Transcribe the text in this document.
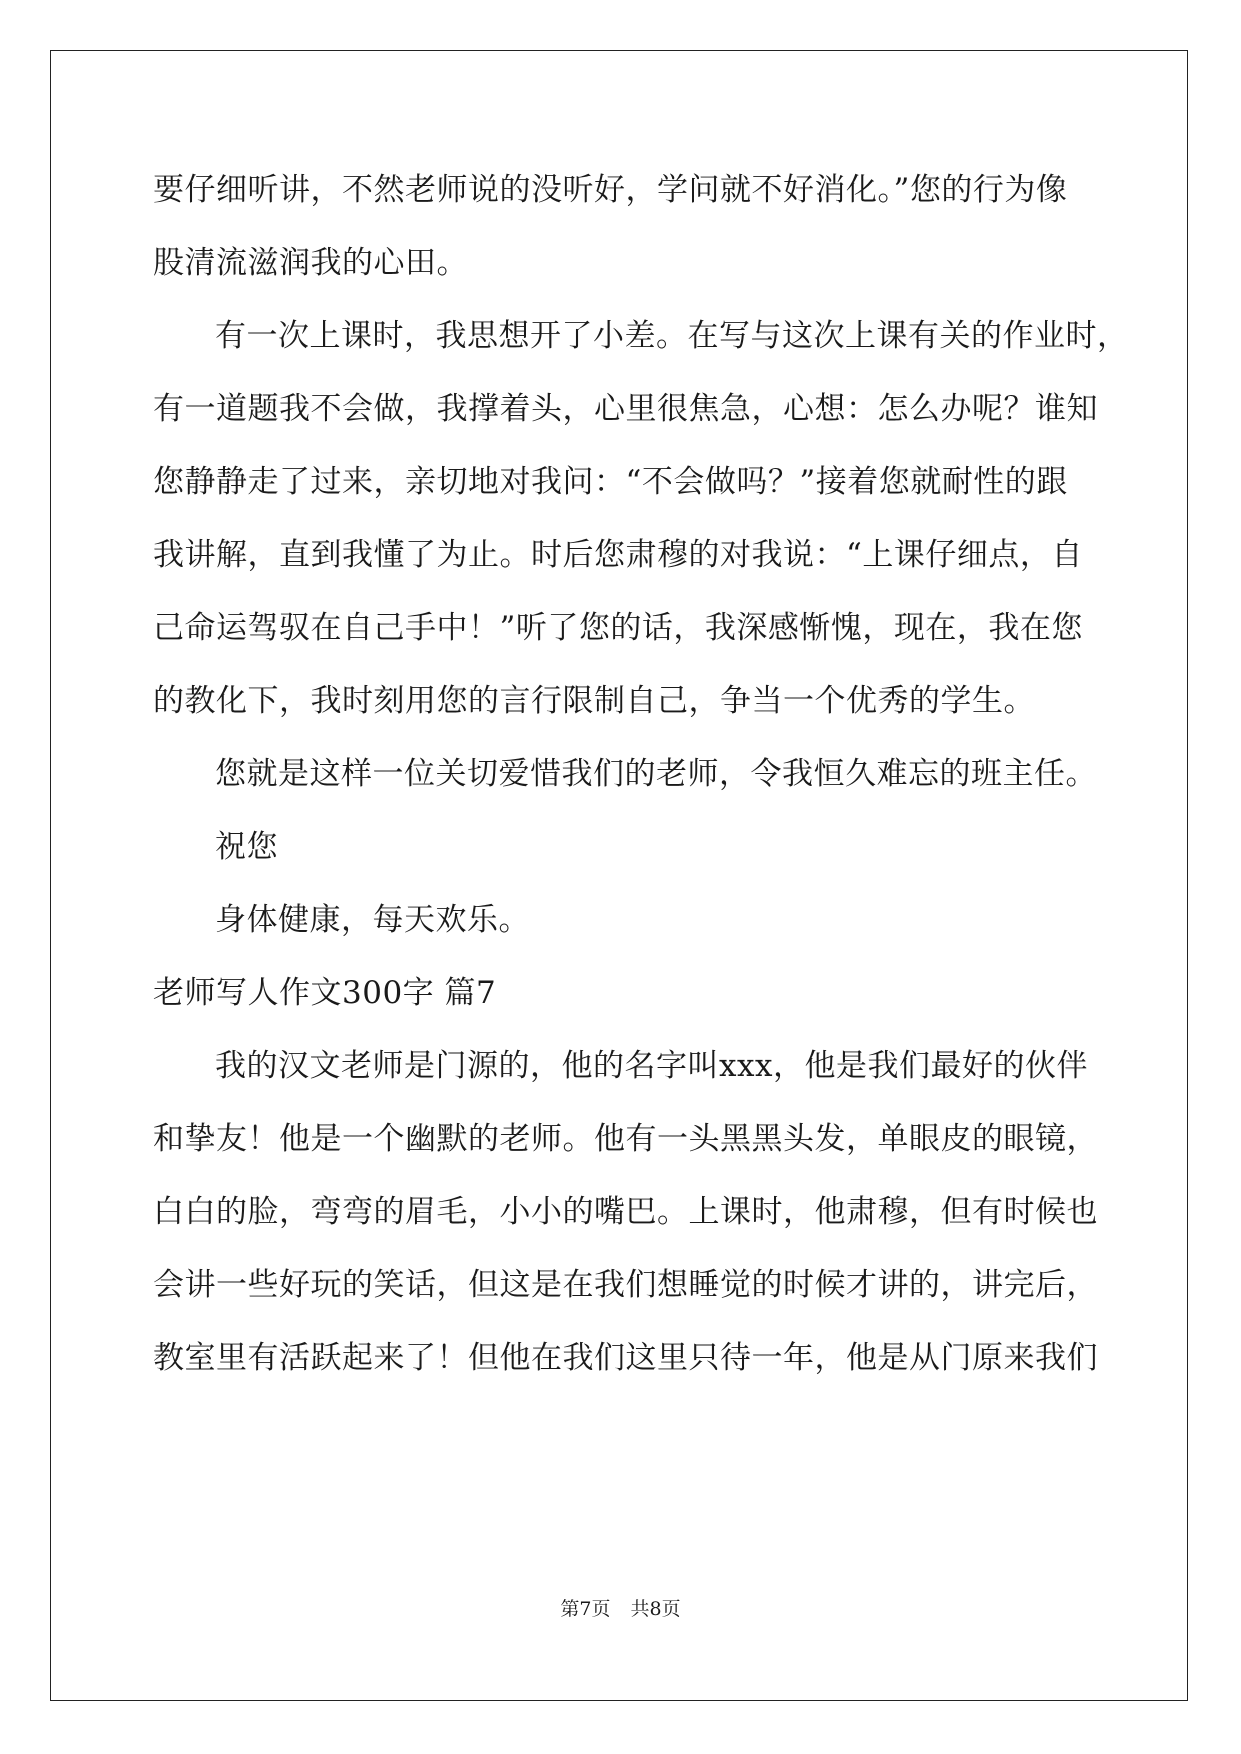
要仔细听讲，不然老师说的没听好，学问就不好消化。”您的行为像
股清流滋润我的心田。
有一次上课时，我思想开了小差。在写与这次上课有关的作业时，
有一道题我不会做，我撑着头，心里很焦急，心想：怎么办呢？谁知
您静静走了过来，亲切地对我问：“不会做吗？”接着您就耐性的跟
我讲解，直到我懂了为止。时后您肃穆的对我说：“上课仔细点，自
己命运驾驭在自己手中！”听了您的话，我深感惭愧，现在，我在您
的教化下，我时刻用您的言行限制自己，争当一个优秀的学生。
您就是这样一位关切爱惜我们的老师，令我恒久难忘的班主任。
祝您
身体健康，每天欢乐。
老师写人作文300字 篇7
我的汉文老师是门源的，他的名字叫xxx，他是我们最好的伙伴
和挚友！他是一个幽默的老师。他有一头黑黑头发，单眼皮的眼镜，
白白的脸，弯弯的眉毛，小小的嘴巴。上课时，他肃穆，但有时候也
会讲一些好玩的笑话，但这是在我们想睡觉的时候才讲的，讲完后，
教室里有活跃起来了！但他在我们这里只待一年，他是从门原来我们
第7页 共8页
